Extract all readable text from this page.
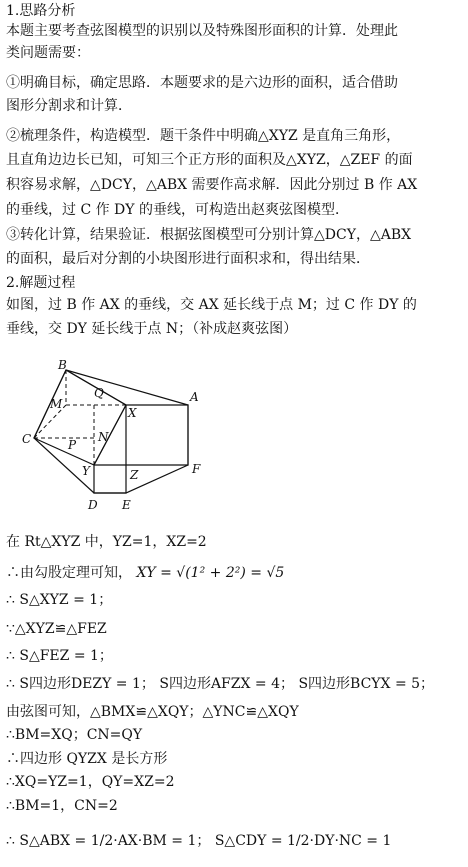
1.思路分析
本题主要考查弦图模型的识别以及特殊图形面积的计算．处理此
类问题需要：
①明确目标，确定思路．本题要求的是六边形的面积，适合借助
图形分割求和计算．
②梳理条件，构造模型．题干条件中明确△XYZ 是直角三角形，
且直角边边长已知，可知三个正方形的面积及△XYZ，△ZEF 的面
积容易求解，△DCY，△ABX 需要作高求解．因此分别过 B 作 AX
的垂线，过 C 作 DY 的垂线，可构造出赵爽弦图模型．
③转化计算，结果验证．根据弦图模型可分别计算△DCY，△ABX
的面积，最后对分割的小块图形进行面积求和，得出结果．
2.解题过程
如图，过 B 作 AX 的垂线，交 AX 延长线于点 M；过 C 作 DY 的
垂线，交 DY 延长线于点 N；（补成赵爽弦图）
B
Q	A
M
X
C	N
P
Y	Z	F
D E
在 Rt△XYZ 中，YZ=1，XZ=2
∴由勾股定理可知， XY = √(1² + 2²) = √5
∴ S△XYZ = 1；
∵△XYZ≌△FEZ
∴ S△FEZ = 1；
∴ S四边形DEZY = 1； S四边形AFZX = 4； S四边形BCYX = 5；
由弦图可知，△BMX≌△XQY；△YNC≌△XQY
∴BM=XQ；CN=QY
∴四边形 QYZX 是长方形
∴XQ=YZ=1，QY=XZ=2
∴BM=1，CN=2
∴ S△ABX = 1/2·AX·BM = 1； S△CDY = 1/2·DY·NC = 1
